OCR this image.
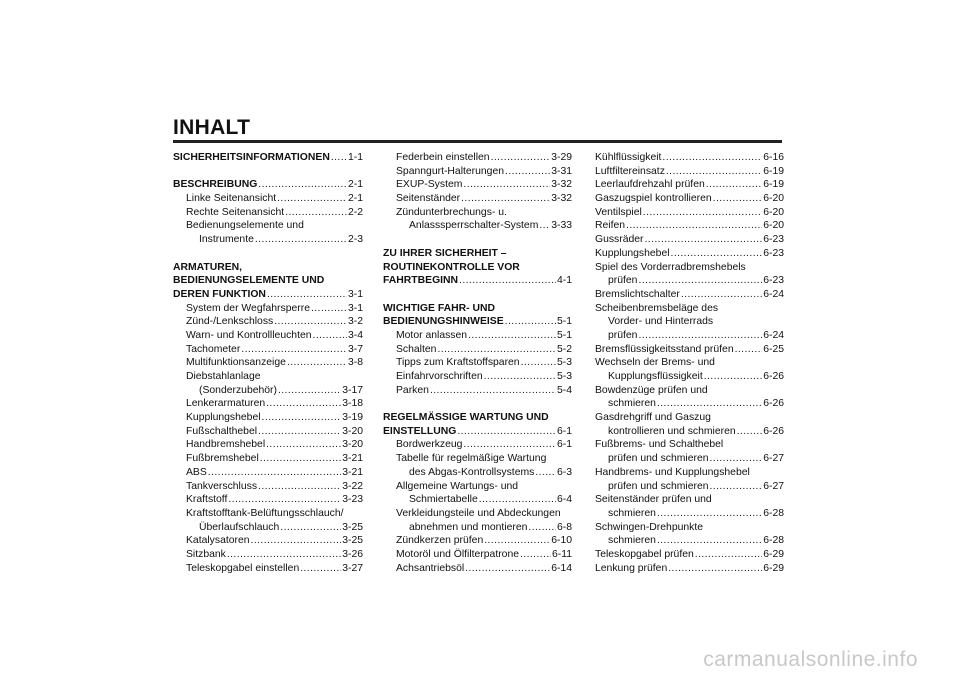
INHALT
SICHERHEITSINFORMATIONEN ..... 1-1
BESCHREIBUNG .....	2-1
Linke Seitenansicht .....	2-1
Rechte Seitenansicht .....	2-2
Bedienungselemente und
Instrumente .....	2-3
ARMATUREN,
BEDIENUNGSELEMENTE UND
DEREN FUNKTION .....	3-1
System der Wegfahrsperre .....	3-1
Zünd-/Lenkschloss .....	3-2
Warn- und Kontrollleuchten .....	3-4
Tachometer .....	3-7
Multifunktionsanzeige .....	3-8
Diebstahlanlage
(Sonderzubehör) .....	3-17
Lenkerarmaturen .....	3-18
Kupplungshebel .....	3-19
Fußschalthebel .....	3-20
Handbremshebel .....	3-20
Fußbremshebel .....	3-21
ABS .....	3-21
Tankverschluss .....	3-22
Kraftstoff .....	3-23
Kraftstofftank-Belüftungsschlauch/
Überlaufschlauch .....	3-25
Katalysatoren .....	3-25
Sitzbank .....	3-26
Teleskopgabel einstellen .....	3-27
Federbein einstellen .....	3-29
Spanngurt-Halterungen .....	3-31
EXUP-System .....	3-32
Seitenständer .....	3-32
Zündunterbrechungs- u.
Anlasssperrschalter-System ..... 3-33
ZU IHRER SICHERHEIT –
ROUTINEKONTROLLE VOR
FAHRTBEGINN .....	4-1
WICHTIGE FAHR- UND
BEDIENUNGSHINWEISE .....	5-1
Motor anlassen .....	5-1
Schalten .....	5-2
Tipps zum Kraftstoffsparen .....	5-3
Einfahrvorschriften .....	5-3
Parken .....	5-4
REGELMÄSSIGE WARTUNG UND
EINSTELLUNG .....	6-1
Bordwerkzeug .....	6-1
Tabelle für regelmäßige Wartung
des Abgas-Kontrollsystems ..... 6-3
Allgemeine Wartungs- und
Schmiertabelle .....	6-4
Verkleidungsteile und Abdeckungen
abnehmen und montieren .....	6-8
Zündkerzen prüfen .....	6-10
Motoröl und Ölfilterpatrone .....	6-11
Achsantriebsöl .....	6-14
Kühlflüssigkeit .....	6-16
Luftfiltereinsatz .....	6-19
Leerlaufdrehzahl prüfen .....	6-19
Gaszugspiel kontrollieren .....	6-20
Ventilspiel .....	6-20
Reifen .....	6-20
Gussräder .....	6-23
Kupplungshebel .....	6-23
Spiel des Vorderradbremshebels
prüfen .....	6-23
Bremslichtschalter .....	6-24
Scheibenbremsbeläge des
Vorder- und Hinterrads
prüfen .....	6-24
Bremsflüssigkeitsstand prüfen .....	6-25
Wechseln der Brems- und
Kupplungsflüssigkeit .....	6-26
Bowdenzüge prüfen und
schmieren .....	6-26
Gasdrehgriff und Gaszug
kontrollieren und schmieren .....	6-26
Fußbrems- und Schalthebel
prüfen und schmieren .....	6-27
Handbrems- und Kupplungshebel
prüfen und schmieren .....	6-27
Seitenständer prüfen und
schmieren .....	6-28
Schwingen-Drehpunkte
schmieren .....	6-28
Teleskopgabel prüfen .....	6-29
Lenkung prüfen .....	6-29
carmanualsonline.info
